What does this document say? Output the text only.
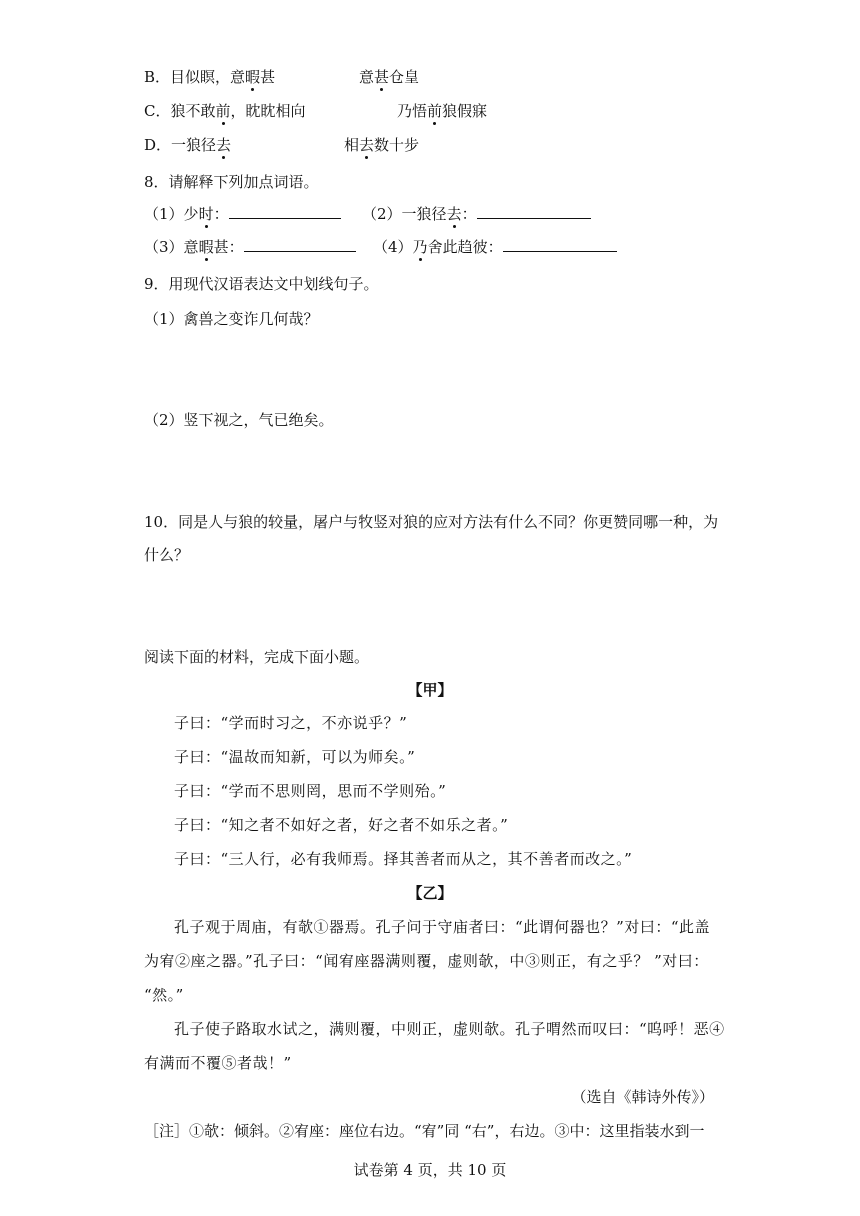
B．目似瞑，意暇甚	意甚仓皇
C．狼不敢前，眈眈相向	乃悟前狼假寐
D．一狼径去	相去数十步
8．请解释下列加点词语。
（1）少时：	（2）一狼径去：
（3）意暇甚：	（4）乃舍此趋彼：
9．用现代汉语表达文中划线句子。
（1）禽兽之变诈几何哉？
（2）竖下视之，气已绝矣。
10．同是人与狼的较量，屠户与牧竖对狼的应对方法有什么不同？你更赞同哪一种，为
什么？
阅读下面的材料，完成下面小题。
【甲】
子曰：“学而时习之，不亦说乎？”
子曰：“温故而知新，可以为师矣。”
子曰：“学而不思则罔，思而不学则殆。”
子曰：“知之者不如好之者，好之者不如乐之者。”
子曰：“三人行，必有我师焉。择其善者而从之，其不善者而改之。”
【乙】
孔子观于周庙，有欹①器焉。孔子问于守庙者曰：“此谓何器也？”对曰：“此盖
为宥②座之器。”孔子曰：“闻宥座器满则覆，虚则欹，中③则正，有之乎？ ”对曰：
“然。”
孔子使子路取水试之，满则覆，中则正，虚则欹。孔子喟然而叹曰：“呜呼！恶④
有满而不覆⑤者哉！”
（选自《韩诗外传》）
［注］①欹：倾斜。②宥座：座位右边。“宥”同 “右”，右边。③中：这里指装水到一
试卷第 4 页，共 10 页
